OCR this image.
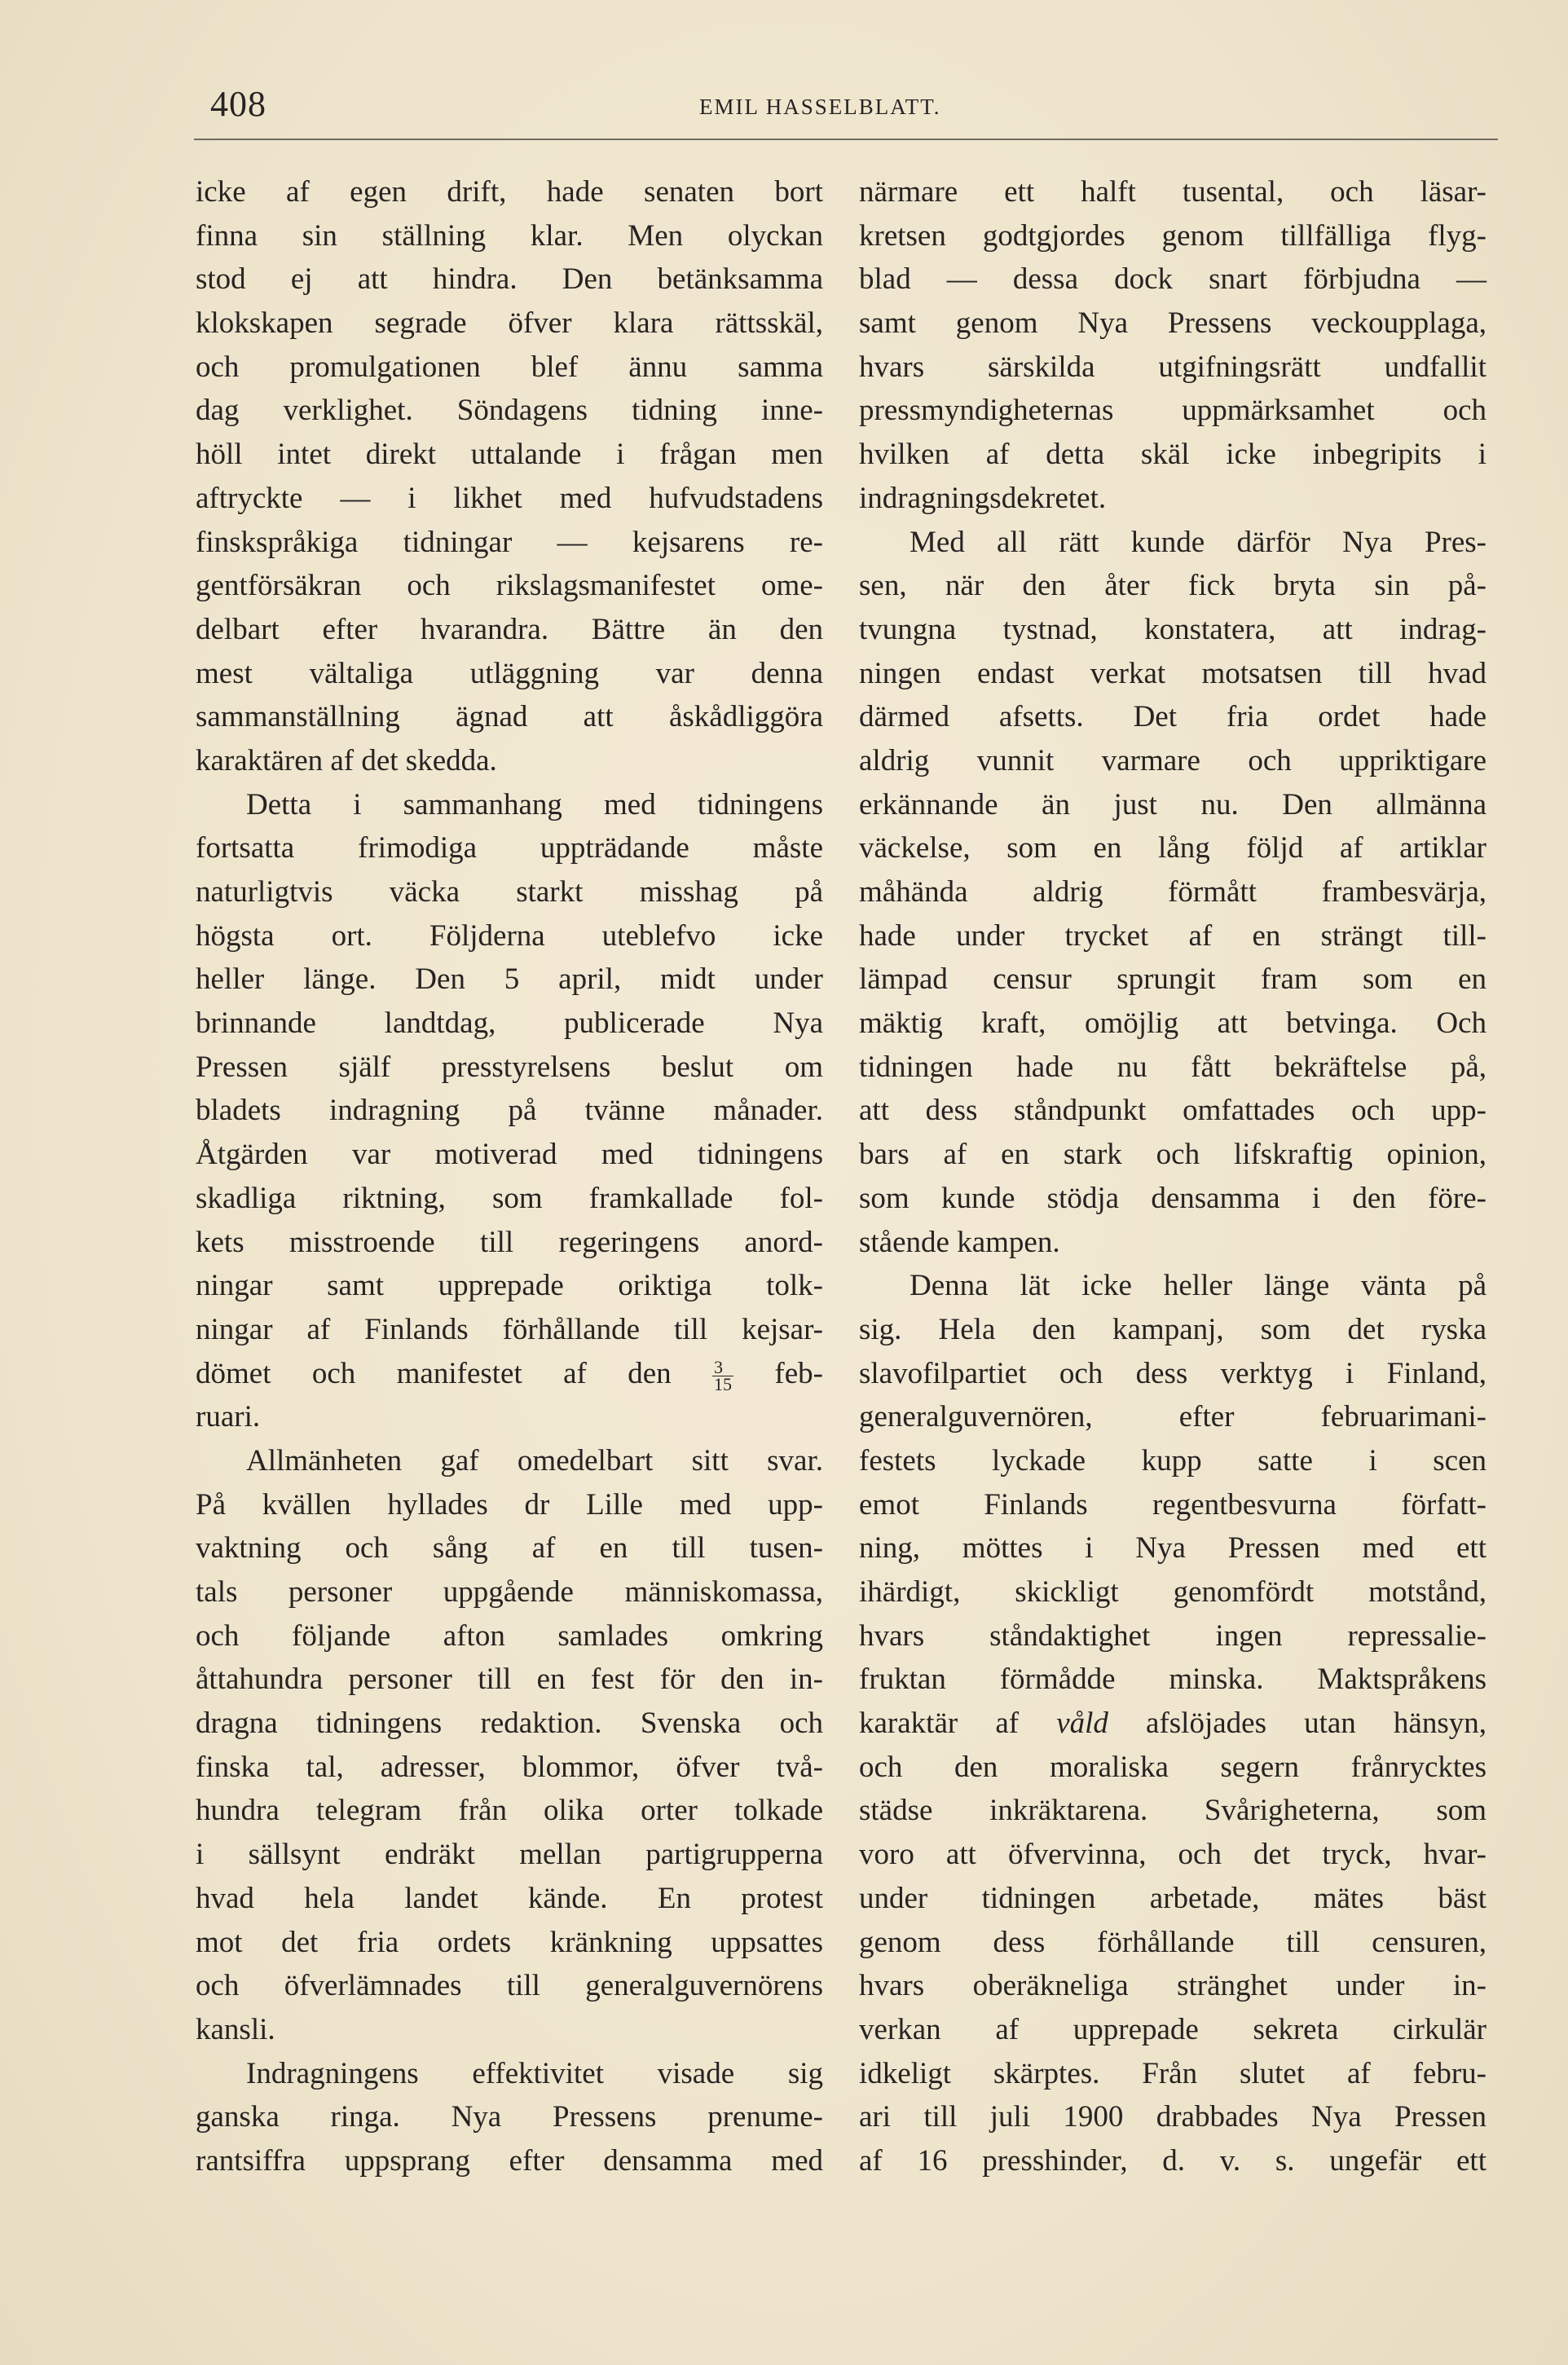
408	EMIL HASSELBLATT.
icke af egen drift, hade senaten bort
finna sin ställning klar. Men olyckan
stod ej att hindra. Den betänksamma
klokskapen segrade öfver klara rättsskäl,
och promulgationen blef ännu samma
dag verklighet. Söndagens tidning inne-
höll intet direkt uttalande i frågan men
aftryckte — i likhet med hufvudstadens
finskspråkiga tidningar — kejsarens re-
gentförsäkran och rikslagsmanifestet ome-
delbart efter hvarandra. Bättre än den
mest vältaliga utläggning var denna
sammanställning ägnad att åskådliggöra
karaktären af det skedda.
Detta i sammanhang med tidningens
fortsatta frimodiga uppträdande måste
naturligtvis väcka starkt misshag på
högsta ort. Följderna uteblefvo icke
heller länge. Den 5 april, midt under
brinnande landtdag, publicerade Nya
Pressen själf presstyrelsens beslut om
bladets indragning på tvänne månader.
Åtgärden var motiverad med tidningens
skadliga riktning, som framkallade fol-
kets misstroende till regeringens anord-
ningar samt upprepade oriktiga tolk-
ningar af Finlands förhållande till kejsar-
dömet och manifestet af den $\frac{3}{15} feb-$
ruari.
Allmänheten gaf omedelbart sitt svar.
På kvällen hyllades dr Lille med upp-
vaktning och sång af en till tusen-
tals personer uppgående människomassa,
och följande afton samlades omkring
åttahundra personer till en fest för den in-
dragna tidningens redaktion. Svenska och
finska tal, adresser, blommor, öfver två-
hundra telegram från olika orter tolkade
i sällsynt endräkt mellan partigrupperna
hvad hela landet kände. En protest
mot det fria ordets kränkning uppsattes
och öfverlämnades till generalguvernörens
kansli.
Indragningens effektivitet visade sig
ganska ringa. Nya Pressens prenume-
rantsiffra uppsprang efter densamma med
närmare ett halft tusental, och läsar-
kretsen godtgjordes genom tillfälliga flyg-
blad — dessa dock snart förbjudna —
samt genom Nya Pressens veckoupplaga,
hvars särskilda utgifningsrätt undfallit
pressmyndigheternas uppmärksamhet och
hvilken af detta skäl icke inbegripits i
indragningsdekretet.
Med all rätt kunde därför Nya Pres-
sen, när den åter fick bryta sin på-
tvungna tystnad, konstatera, att indrag-
ningen endast verkat motsatsen till hvad
därmed afsetts. Det fria ordet hade
aldrig vunnit varmare och uppriktigare
erkännande än just nu. Den allmänna
väckelse, som en lång följd af artiklar
måhända aldrig förmått frambesvärja,
hade under trycket af en strängt till-
lämpad censur sprungit fram som en
mäktig kraft, omöjlig att betvinga. Och
tidningen hade nu fått bekräftelse på,
att dess ståndpunkt omfattades och upp-
bars af en stark och lifskraftig opinion,
som kunde stödja densamma i den före-
stående kampen.
Denna lät icke heller länge vänta på
sig. Hela den kampanj, som det ryska
slavofilpartiet och dess verktyg i Finland,
generalguvernören, efter februarimani-
festets lyckade kupp satte i scen
emot Finlands regentbesvurna författ-
ning, möttes i Nya Pressen med ett
ihärdigt, skickligt genomfördt motstånd,
hvars ståndaktighet ingen repressalie-
fruktan förmådde minska. Maktspråkens
karaktär af våld afslöjades utan hänsyn,
och den moraliska segern frånrycktes
städse inkräktarena. Svårigheterna, som
voro att öfvervinna, och det tryck, hvar-
under tidningen arbetade, mätes bäst
genom dess förhållande till censuren,
hvars oberäkneliga stränghet under in-
verkan af upprepade sekreta cirkulär
idkeligt skärptes. Från slutet af febru-
ari till juli 1900 drabbades Nya Pressen
af 16 presshinder, d. v. s. ungefär ett
